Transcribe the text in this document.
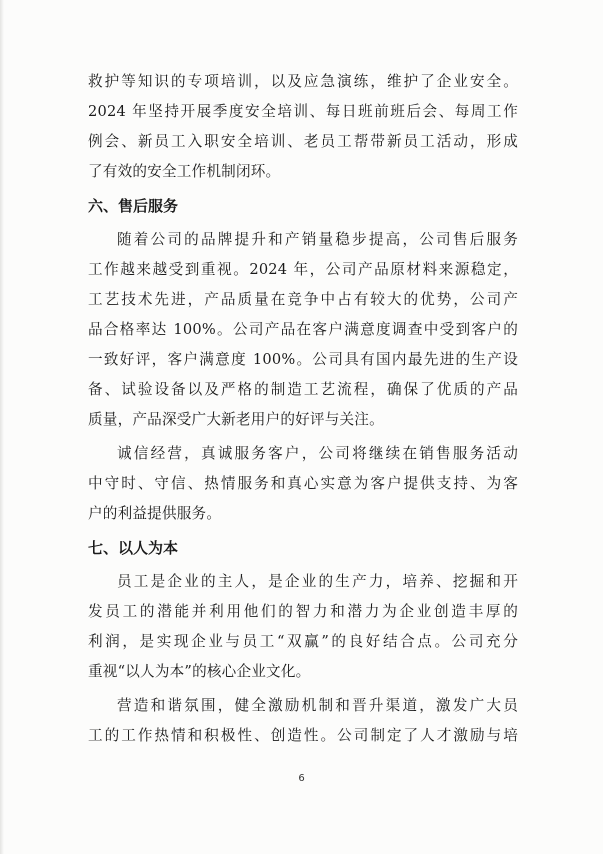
救护等知识的专项培训，以及应急演练，维护了企业安全。
2024 年坚持开展季度安全培训、每日班前班后会、每周工作
例会、新员工入职安全培训、老员工帮带新员工活动，形成
了有效的安全工作机制闭环。
六、售后服务
随着公司的品牌提升和产销量稳步提高，公司售后服务
工作越来越受到重视。2024 年，公司产品原材料来源稳定，
工艺技术先进，产品质量在竞争中占有较大的优势，公司产
品合格率达 100%。公司产品在客户满意度调查中受到客户的
一致好评，客户满意度 100%。公司具有国内最先进的生产设
备、试验设备以及严格的制造工艺流程，确保了优质的产品
质量，产品深受广大新老用户的好评与关注。
诚信经营，真诚服务客户，公司将继续在销售服务活动
中守时、守信、热情服务和真心实意为客户提供支持、为客
户的利益提供服务。
七、以人为本
员工是企业的主人，是企业的生产力，培养、挖掘和开
发员工的潜能并利用他们的智力和潜力为企业创造丰厚的
利润，是实现企业与员工“双赢”的良好结合点。公司充分
重视“以人为本”的核心企业文化。
营造和谐氛围，健全激励机制和晋升渠道，激发广大员
工的工作热情和积极性、创造性。公司制定了人才激励与培
6
